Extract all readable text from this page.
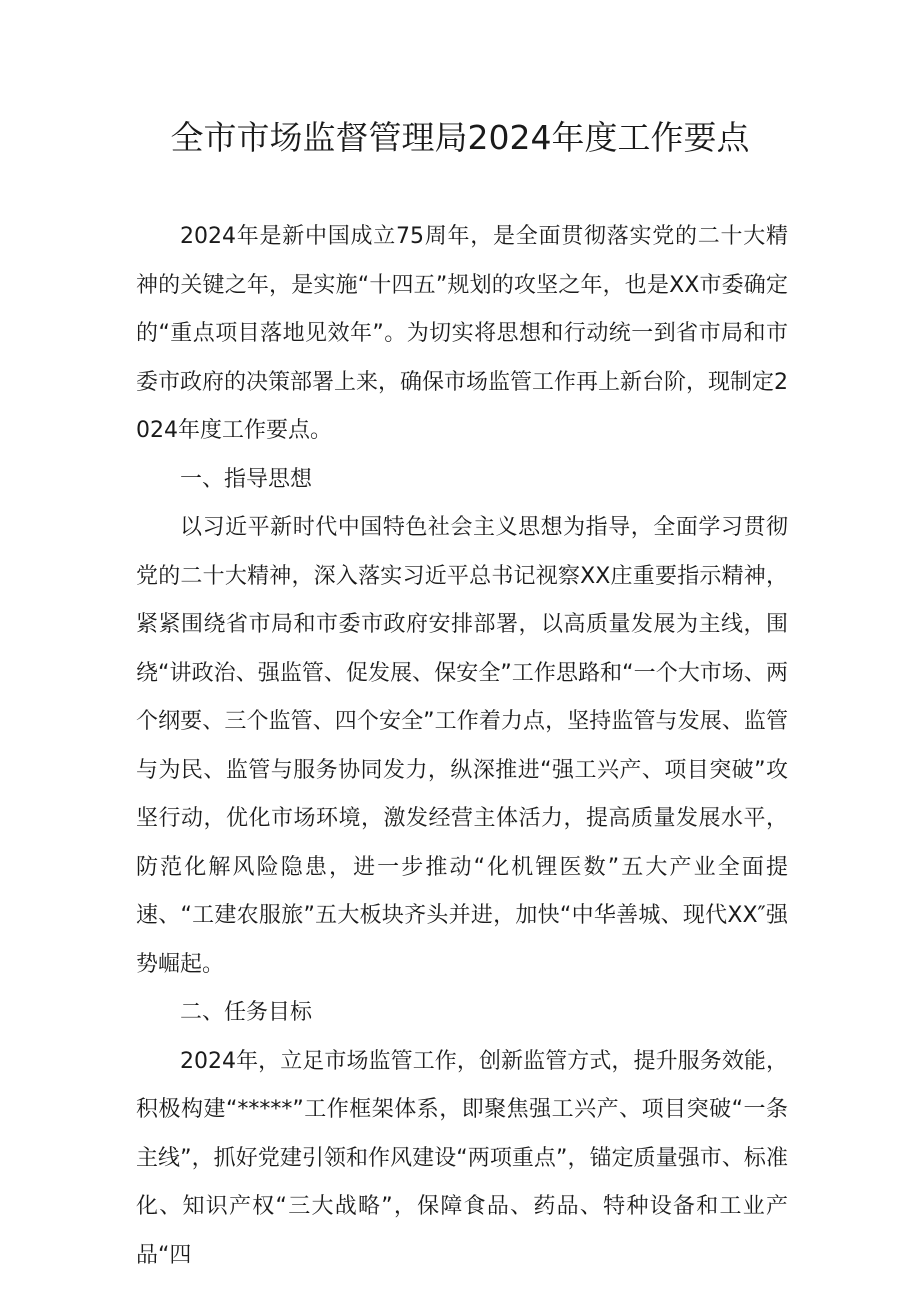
全市市场监督管理局2024年度工作要点

2024年是新中国成立75周年，是全面贯彻落实党的二十大精神的关键之年，是实施“十四五”规划的攻坚之年，也是XX市委确定的“重点项目落地见效年”。为切实将思想和行动统一到省市局和市委市政府的决策部署上来，确保市场监管工作再上新台阶，现制定2024年度工作要点。

一、指导思想

以习近平新时代中国特色社会主义思想为指导，全面学习贯彻党的二十大精神，深入落实习近平总书记视察XX庄重要指示精神，紧紧围绕省市局和市委市政府安排部署，以高质量发展为主线，围绕“讲政治、强监管、促发展、保安全”工作思路和“一个大市场、两个纲要、三个监管、四个安全”工作着力点，坚持监管与发展、监管与为民、监管与服务协同发力，纵深推进“强工兴产、项目突破”攻坚行动，优化市场环境，激发经营主体活力，提高质量发展水平，防范化解风险隐患，进一步推动“化机锂医数”五大产业全面提速、“工建农服旅”五大板块齐头并进，加快“中华善城、现代XX″强势崛起。

二、任务目标

2024年，立足市场监管工作，创新监管方式，提升服务效能，积极构建“*****”工作框架体系，即聚焦强工兴产、项目突破“一条主线”，抓好党建引领和作风建设“两项重点”，锚定质量强市、标准化、知识产权“三大战略”，保障食品、药品、特种设备和工业产品“四
